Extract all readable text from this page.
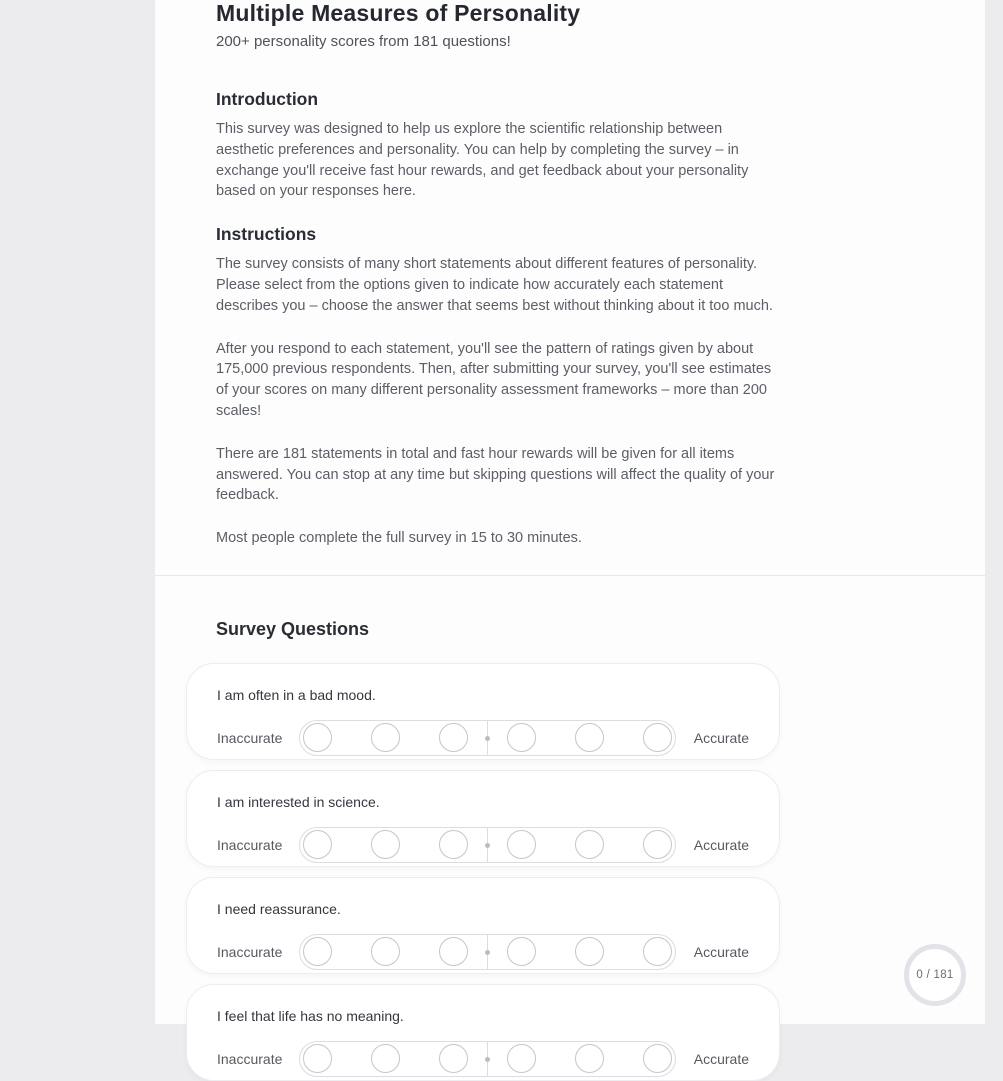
Multiple Measures of Personality
200+ personality scores from 181 questions!
Introduction

This survey was designed to help us explore the scientific relationship between aesthetic preferences and personality. You can help by completing the survey – in exchange you'll receive fast hour rewards, and get feedback about your personality based on your responses here.

Instructions

The survey consists of many short statements about different features of personality. Please select from the options given to indicate how accurately each statement describes you – choose the answer that seems best without thinking about it too much.

After you respond to each statement, you'll see the pattern of ratings given by about 175,000 previous respondents. Then, after submitting your survey, you'll see estimates of your scores on many different personality assessment frameworks – more than 200 scales!

There are 181 statements in total and fast hour rewards will be given for all items answered. You can stop at any time but skipping questions will affect the quality of your feedback.

Most people complete the full survey in 15 to 30 minutes.

Survey Questions
I am often in a bad mood.
Inaccurate	Accurate
I am interested in science.
Inaccurate	Accurate
I need reassurance.
Inaccurate	Accurate
I feel that life has no meaning.
Inaccurate	Accurate
0 / 181
